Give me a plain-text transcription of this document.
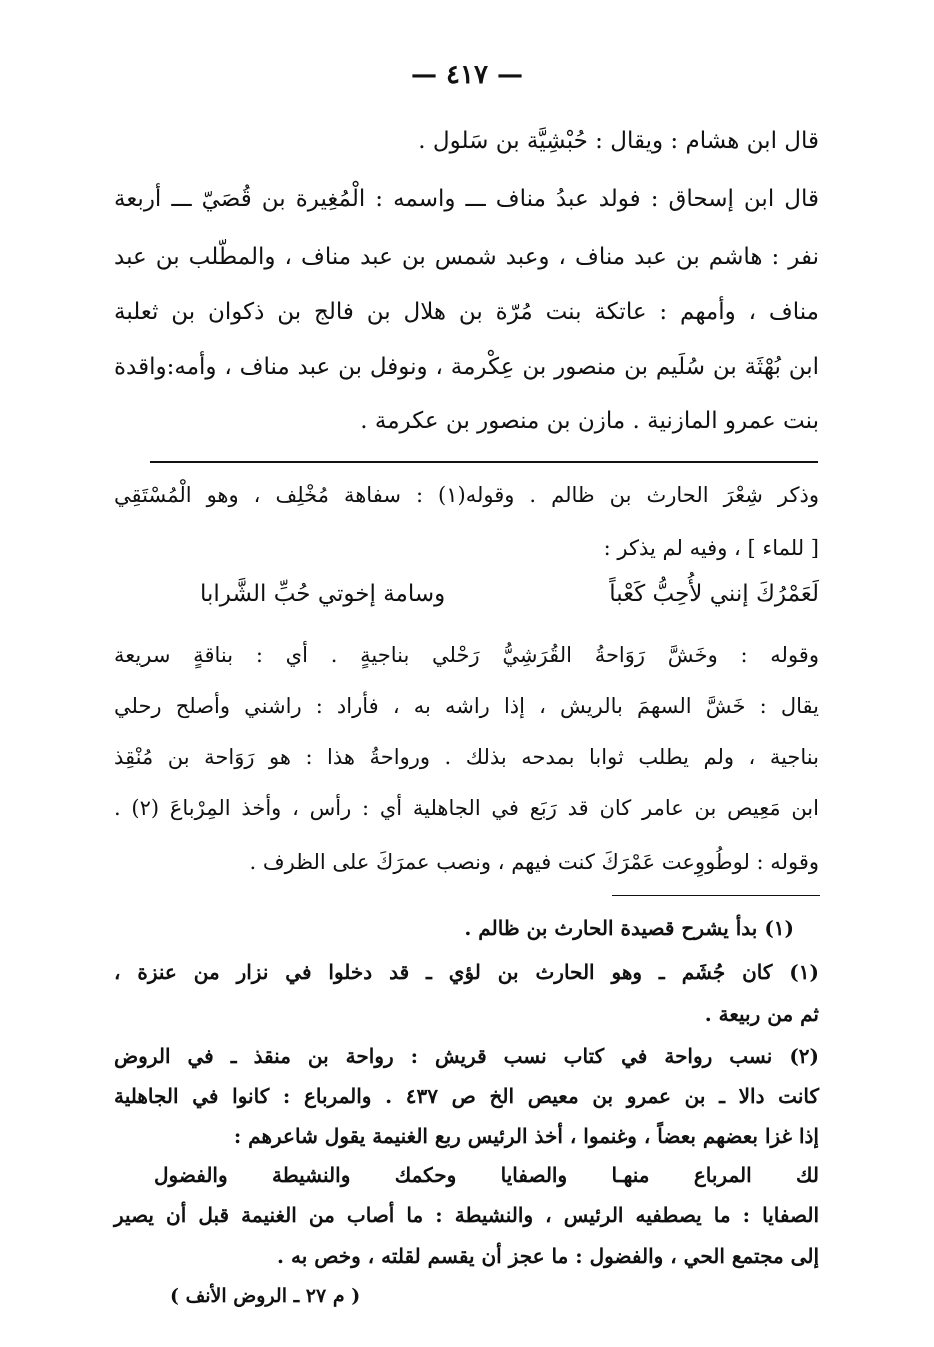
— ٤١٧ —
قال ابن هشام : ويقال : حُبْشِيَّة بن سَلول .
قال ابن إسحاق : فولد عبدُ مناف ـــ واسمه : الْمُغِيرة بن قُصَيّ ـــ أربعة
نفر : هاشم بن عبد مناف ، وعبد شمس بن عبد مناف ، والمطّلب بن عبد
مناف ، وأمهم : عاتكة بنت مُرّة بن هلال بن فالج بن ذكوان بن ثعلبة
ابن بُهْثَة بن سُلَيم بن منصور بن عِكْرمة ، ونوفل بن عبد مناف ، وأمه:واقدة
بنت عمرو المازنية . مازن بن منصور بن عكرمة .
وذكر شِعْرَ الحارث بن ظالم . وقوله(١) : سفاهة مُخْلِف ، وهو الْمُسْتَقِي
[ للماء ] ، وفيه لم يذكر :
لَعَمْرُكَ إنني لأُحِبُّ كَعْباً
وسامة إخوتي حُبِّ الشَّرابا
وقوله : وخَشَّ رَوَاحةُ القُرَشِيُّ رَحْلي بناجيةٍ . أي : بناقةٍ سريعة
يقال : خَشَّ السهمَ بالريش ، إذا راشه به ، فأراد : راشني وأصلح رحلي
بناجية ، ولم يطلب ثوابا بمدحه بذلك . ورواحةُ هذا : هو رَوَاحة بن مُنْقِذ
ابن مَعِيص بن عامر كان قد رَبَع في الجاهلية أي : رأس ، وأخذ المِرْباعَ (٢) .
وقوله : لوطُووِعت عَمْرَكَ كنت فيهم ، ونصب عمرَكَ على الظرف .
(١) بدأ يشرح قصيدة الحارث بن ظالم .
(١) كان جُشَم ـ وهو الحارث بن لؤي ـ قد دخلوا في نزار من عنزة ،
ثم من ربيعة .
(٢) نسب رواحة في كتاب نسب قريش : رواحة بن منقذ ـ في الروض
كانت دالا ـ بن عمرو بن معيص الخ ص ٤٣٧ . والمرباع : كانوا في الجاهلية
إذا غزا بعضهم بعضاً ، وغنموا ، أخذ الرئيس ربع الغنيمة يقول شاعرهم :
لك المرباع منهـا والصفايا وحكمك والنشيطة والفضول
الصفايا : ما يصطفيه الرئيس ، والنشيطة : ما أصاب من الغنيمة قبل أن يصير
إلى مجتمع الحي ، والفضول : ما عجز أن يقسم لقلته ، وخص به .
( م ٢٧ ـ الروض الأنف )
